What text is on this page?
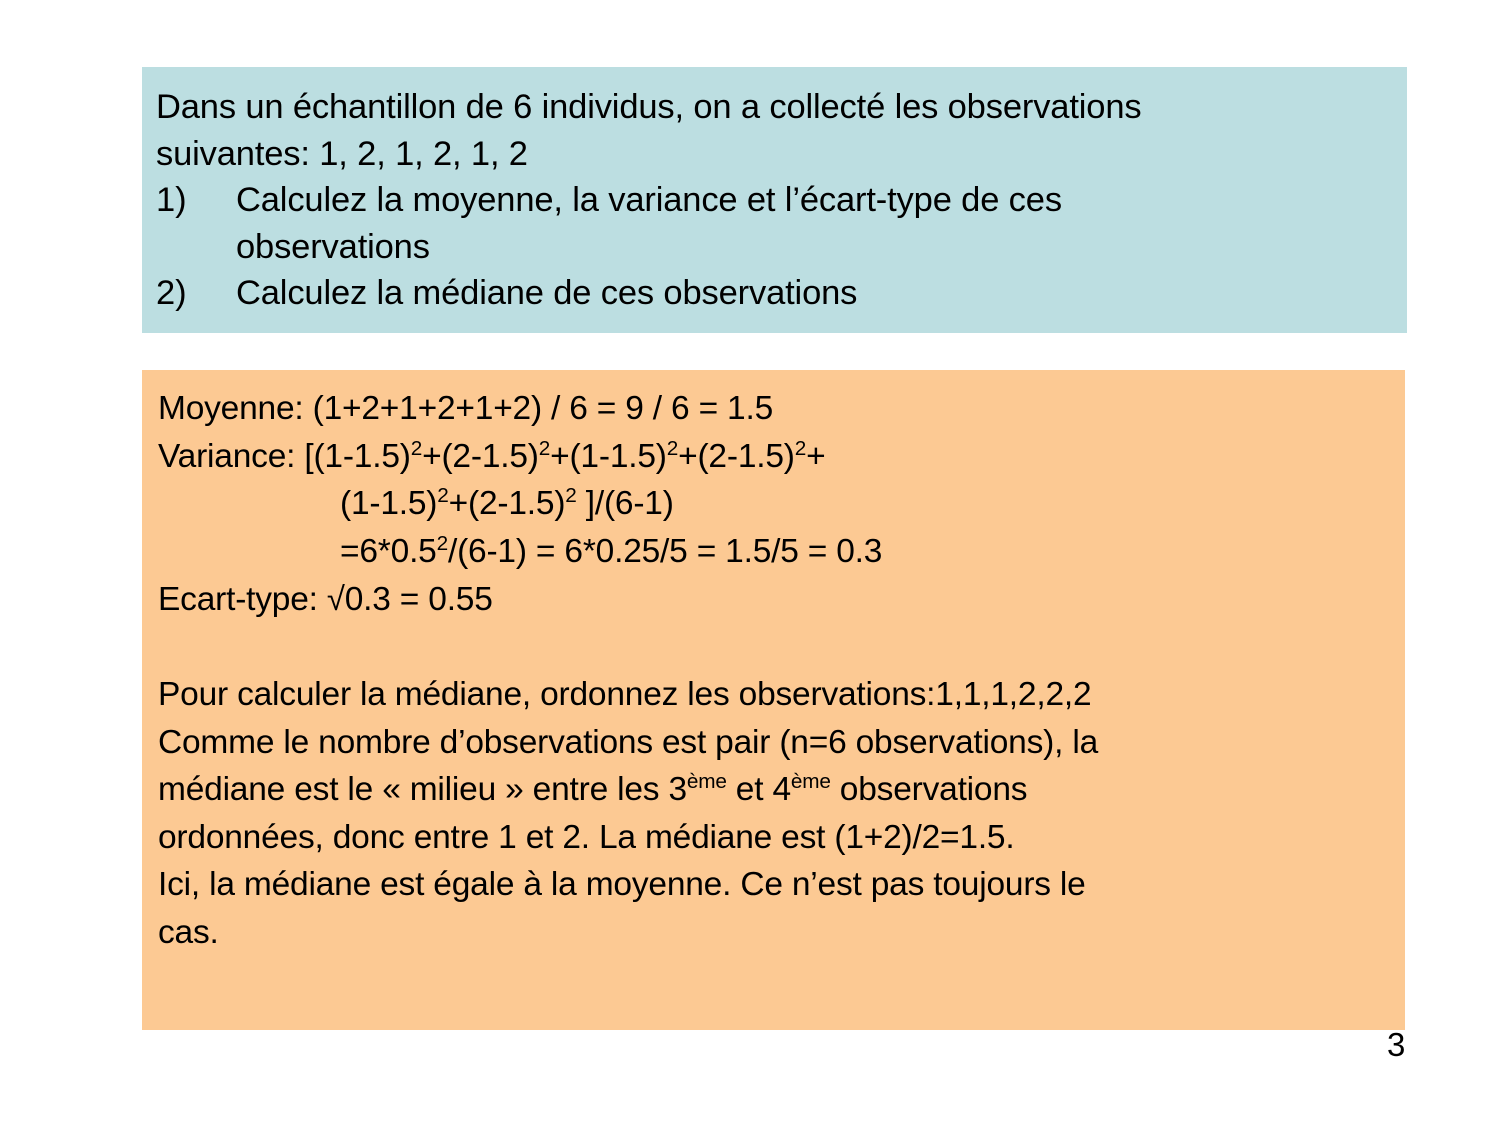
Dans un échantillon de 6 individus, on a collecté les observations
suivantes: 1, 2, 1, 2, 1, 2
1)	Calculez la moyenne, la variance et l’écart-type de ces
observations
2)	Calculez la médiane de ces observations
Moyenne: (1+2+1+2+1+2) / 6 = 9 / 6 = 1.5
Variance: [$(1-1.5)^2+(2-1.5)^2+(1-1.5)^2+(2-1.5)^2+$
$(1-1.5)^2+(2-1.5)^2$ ]/(6-1)
$=6*0.5^2/(6-1) = 6*0.25/5 = 1.5/5 = 0.3$
Ecart-type: √0.3 = 0.55
Pour calculer la médiane, ordonnez les observations:1,1,1,2,2,2
Comme le nombre d’observations est pair (n=6 observations), la
médiane est le « milieu » entre les 3ème et 4ème observations
ordonnées, donc entre 1 et 2. La médiane est (1+2)/2=1.5.
Ici, la médiane est égale à la moyenne. Ce n’est pas toujours le
cas.
3
